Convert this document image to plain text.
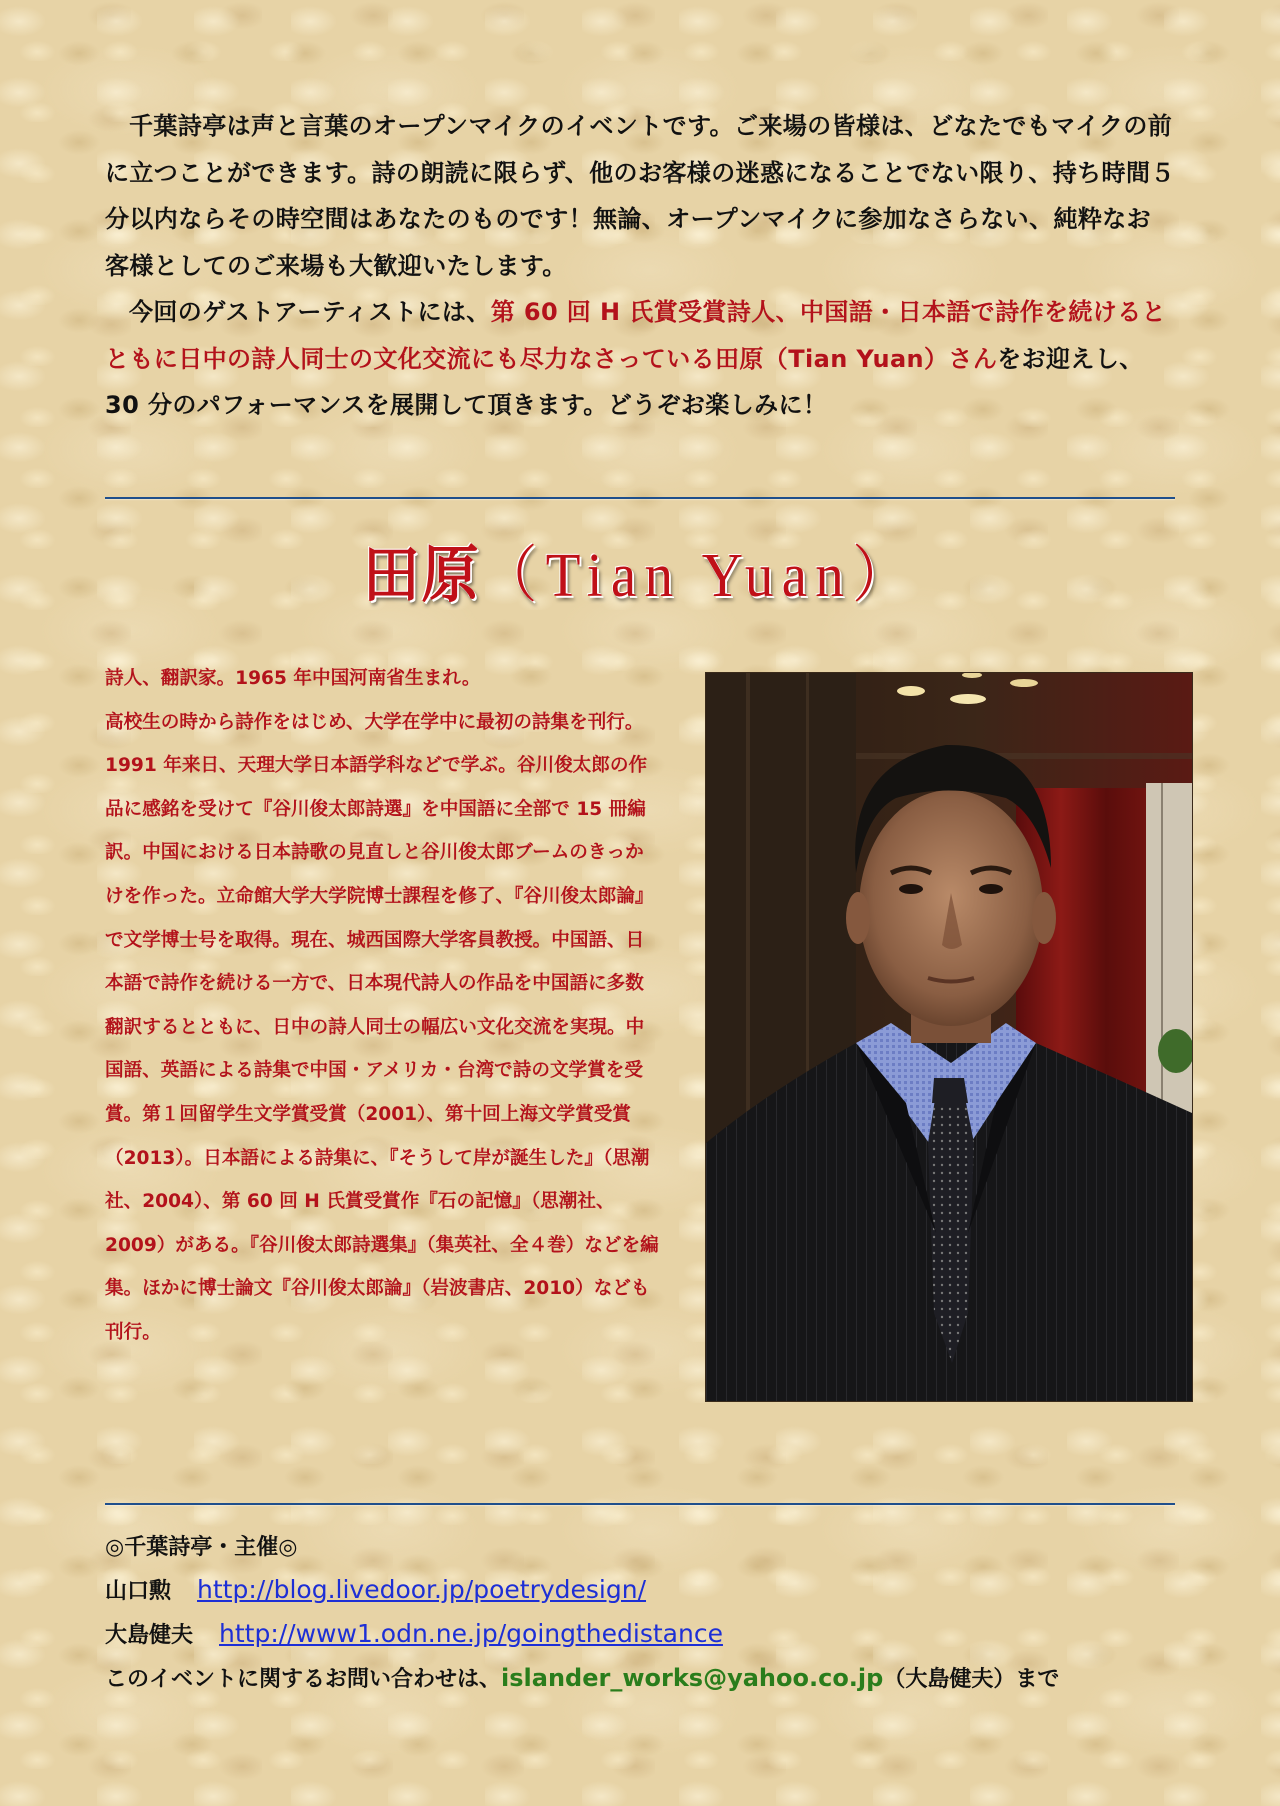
千葉詩亭は声と言葉のオープンマイクのイベントです。ご来場の皆様は、どなたでもマイクの前に立つことができます。詩の朗読に限らず、他のお客様の迷惑になることでない限り、持ち時間５分以内ならその時空間はあなたのものです！無論、オープンマイクに参加なさらない、純粋なお客様としてのご来場も大歓迎いたします。

今回のゲストアーティストには、第 60 回 H 氏賞受賞詩人、中国語・日本語で詩作を続けるとともに日中の詩人同士の文化交流にも尽力なさっている田原（Tian Yuan）さんをお迎えし、30 分のパフォーマンスを展開して頂きます。どうぞお楽しみに！

田原（Tian Yuan）

詩人、翻訳家。1965 年中国河南省生まれ。

高校生の時から詩作をはじめ、大学在学中に最初の詩集を刊行。1991 年来日、天理大学日本語学科などで学ぶ。谷川俊太郎の作品に感銘を受けて『谷川俊太郎詩選』を中国語に全部で 15 冊編訳。中国における日本詩歌の見直しと谷川俊太郎ブームのきっかけを作った。立命館大学大学院博士課程を修了、『谷川俊太郎論』で文学博士号を取得。現在、城西国際大学客員教授。中国語、日本語で詩作を続ける一方で、日本現代詩人の作品を中国語に多数翻訳するとともに、日中の詩人同士の幅広い文化交流を実現。中国語、英語による詩集で中国・アメリカ・台湾で詩の文学賞を受賞。第１回留学生文学賞受賞（2001）、第十回上海文学賞受賞（2013）。日本語による詩集に、『そうして岸が誕生した』（思潮社、2004）、第 60 回 H 氏賞受賞作『石の記憶』（思潮社、2009）がある。『谷川俊太郎詩選集』（集英社、全４巻）などを編集。ほかに博士論文『谷川俊太郎論』（岩波書店、2010）なども刊行。

◎千葉詩亭・主催◎
山口勲 http://blog.livedoor.jp/poetrydesign/
大島健夫 http://www1.odn.ne.jp/goingthedistance
このイベントに関するお問い合わせは、islander_works@yahoo.co.jp（大島健夫）まで
